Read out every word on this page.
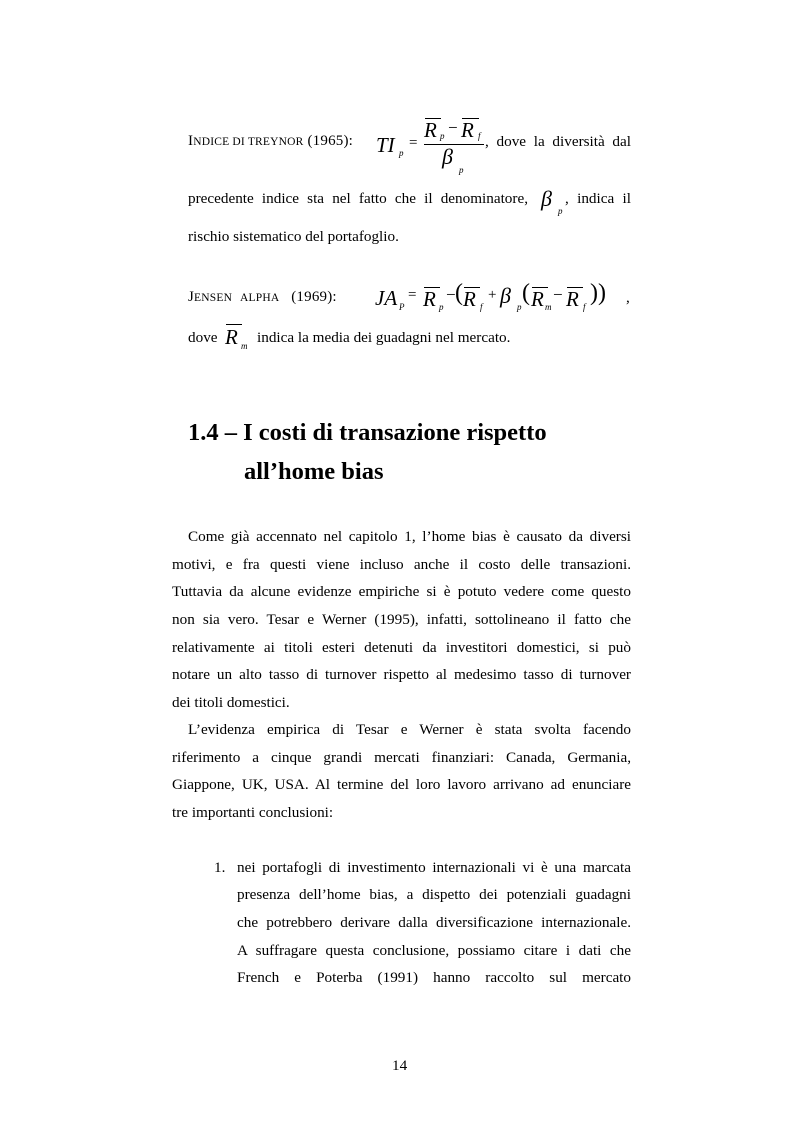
INDICE DI TREYNOR (1965): TI p
=
R p − R f
β
p
, dove la diversità dal
precedente indice sta nel fatto che il denominatore, β p
, indica il
rischio sistematico del portafoglio.
JENSEN ALPHA (1969): JA P
= R p
− ( R f
+ β p
( R m
− R f
)) ,
dove R m indica la media dei guadagni nel mercato.
1.4 – I costi di transazione rispetto
all’home bias
Come già accennato nel capitolo 1, l’home bias è causato da diversi
motivi, e fra questi viene incluso anche il costo delle transazioni.
Tuttavia da alcune evidenze empiriche si è potuto vedere come questo
non sia vero. Tesar e Werner (1995), infatti, sottolineano il fatto che
relativamente ai titoli esteri detenuti da investitori domestici, si può
notare un alto tasso di turnover rispetto al medesimo tasso di turnover
dei titoli domestici.
L’evidenza empirica di Tesar e Werner è stata svolta facendo
riferimento a cinque grandi mercati finanziari: Canada, Germania,
Giappone, UK, USA. Al termine del loro lavoro arrivano ad enunciare
tre importanti conclusioni:
1. nei portafogli di investimento internazionali vi è una marcata
presenza dell’home bias, a dispetto dei potenziali guadagni
che potrebbero derivare dalla diversificazione internazionale.
A suffragare questa conclusione, possiamo citare i dati che
French e Poterba (1991) hanno raccolto sul mercato
14
